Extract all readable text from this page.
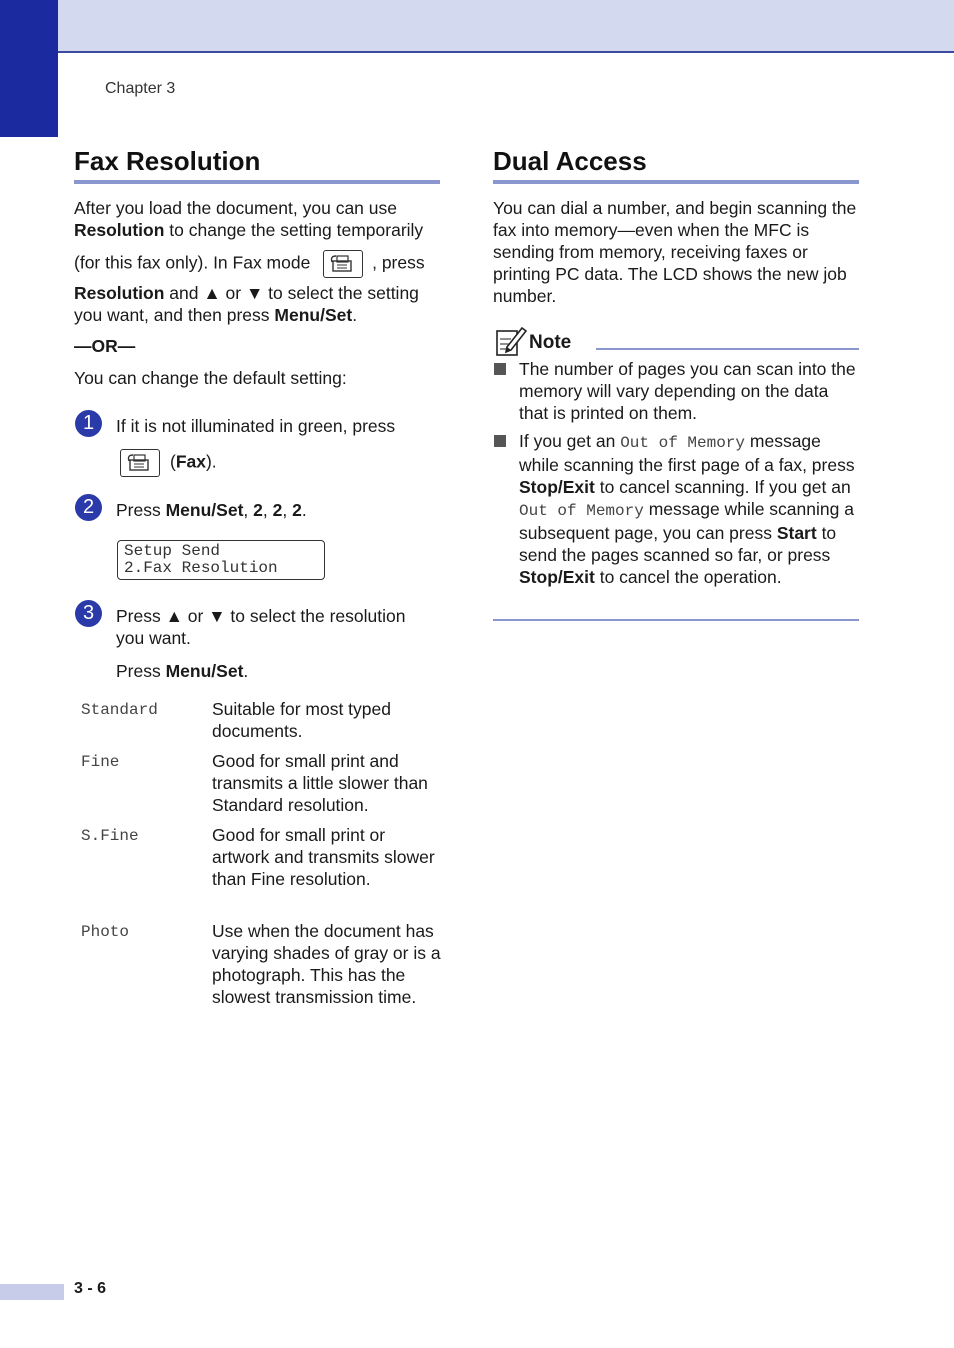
Chapter 3
Fax Resolution
After you load the document, you can use
Resolution to change the setting temporarily
(for this fax only). In Fax mode	, press
Resolution and ▲ or ▼ to select the setting
you want, and then press Menu/Set.
—OR—
You can change the default setting:
1	If it is not illuminated in green, press
(Fax).
2	Press Menu/Set, 2, 2, 2.
Setup Send
2.Fax Resolution
3	Press ▲ or ▼ to select the resolution
you want.
Press Menu/Set.
Standard	Suitable for most typed documents.
Fine	Good for small print and transmits a little slower than Standard resolution.
S.Fine	Good for small print or artwork and transmits slower than Fine resolution.
Photo	Use when the document has varying shades of gray or is a photograph. This has the slowest transmission time.
Dual Access
You can dial a number, and begin scanning the fax into memory—even when the MFC is sending from memory, receiving faxes or printing PC data. The LCD shows the new job number.
Note
The number of pages you can scan into the memory will vary depending on the data that is printed on them.
If you get an Out of Memory message while scanning the first page of a fax, press Stop/Exit to cancel scanning. If you get an Out of Memory message while scanning a subsequent page, you can press Start to send the pages scanned so far, or press Stop/Exit to cancel the operation.
3 - 6
